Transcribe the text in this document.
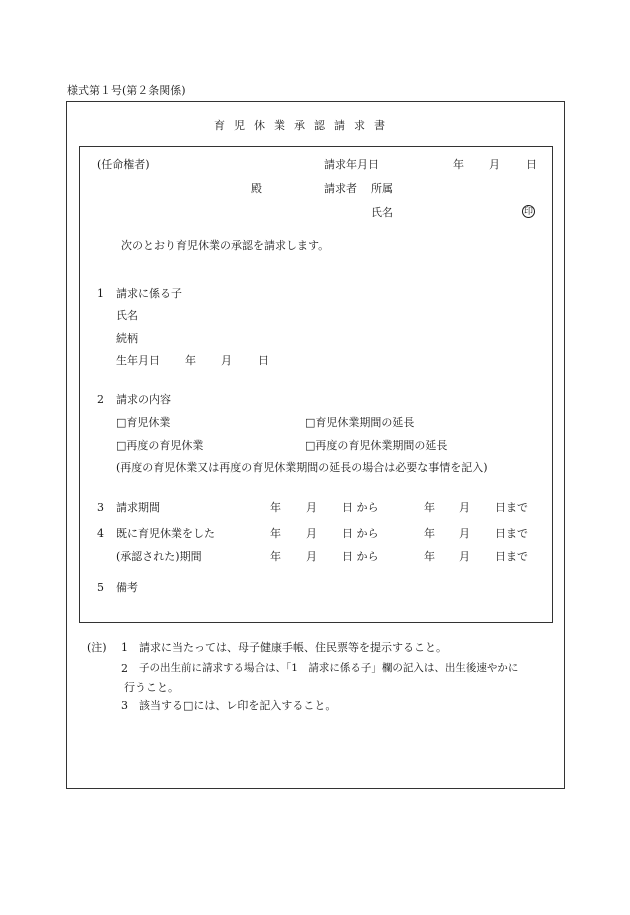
様式第１号(第２条関係)
育児休業承認請求書
(任命権者)	請求年月日	年 月 日
殿	請求者 所属
氏名	印
次のとおり育児休業の承認を請求します。
1 請求に係る子
氏名
続柄
生年月日 年 月 日
2 請求の内容
□育児休業	□育児休業期間の延長
□再度の育児休業	□再度の育児休業期間の延長
(再度の育児休業又は再度の育児休業期間の延長の場合は必要な事情を記入)
3 請求期間	年 月 日 から	年 月 日まで
4 既に育児休業をした	年 月 日 から	年 月 日まで
(承認された)期間	年 月 日 から	年 月 日まで
5 備考
(注) 1 請求に当たっては、母子健康手帳、住民票等を提示すること。
2 子の出生前に請求する場合は、「1　請求に係る子」欄の記入は、出生後速やかに
行うこと。
3 該当する□には、レ印を記入すること。
